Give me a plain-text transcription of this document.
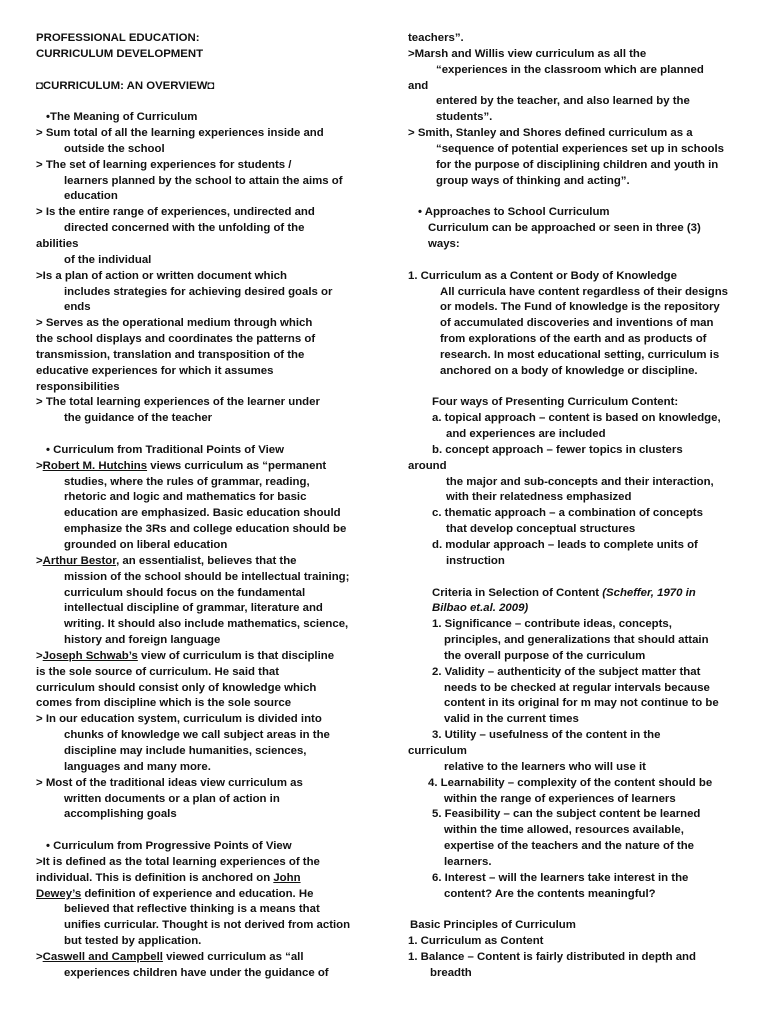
PROFESSIONAL EDUCATION:
CURRICULUM DEVELOPMENT
◘CURRICULUM: AN OVERVIEW◘
•The Meaning of Curriculum
> Sum total of all the learning experiences inside and
outside the school
> The set of learning experiences for students /
learners planned by the school to attain the aims of
education
> Is the entire range of experiences, undirected and
directed concerned with the unfolding of the
abilities
of the individual
>Is a plan of action or written document which
includes strategies for achieving desired goals or
ends
> Serves as the operational medium through which
the school displays and coordinates the patterns of
transmission, translation and transposition of the
educative experiences for which it assumes
responsibilities
> The total learning experiences of the learner under
the guidance of the teacher
• Curriculum from Traditional Points of View
>Robert M. Hutchins views curriculum as “permanent
studies, where the rules of grammar, reading,
rhetoric and logic and mathematics for basic
education are emphasized. Basic education should
emphasize the 3Rs and college education should be
grounded on liberal education
>Arthur Bestor, an essentialist, believes that the
mission of the school should be intellectual training;
curriculum should focus on the fundamental
intellectual discipline of grammar, literature and
writing. It should also include mathematics, science,
history and foreign language
>Joseph Schwab’s view of curriculum is that discipline
is the sole source of curriculum. He said that
curriculum should consist only of knowledge which
comes from discipline which is the sole source
> In our education system, curriculum is divided into
chunks of knowledge we call subject areas in the
discipline may include humanities, sciences,
languages and many more.
> Most of the traditional ideas view curriculum as
written documents or a plan of action in
accomplishing goals
• Curriculum from Progressive Points of View
>It is defined as the total learning experiences of the
individual. This is definition is anchored on John
Dewey’s definition of experience and education. He
believed that reflective thinking is a means that
unifies curricular. Thought is not derived from action
but tested by application.
>Caswell and Campbell viewed curriculum as “all
experiences children have under the guidance of
teachers”.
>Marsh and Willis view curriculum as all the
“experiences in the classroom which are planned
and
entered by the teacher, and also learned by the
students”.
> Smith, Stanley and Shores defined curriculum as a
“sequence of potential experiences set up in schools
for the purpose of disciplining children and youth in
group ways of thinking and acting”.
• Approaches to School Curriculum
Curriculum can be approached or seen in three (3)
ways:
1. Curriculum as a Content or Body of Knowledge
All curricula have content regardless of their designs
or models. The Fund of knowledge is the repository
of accumulated discoveries and inventions of man
from explorations of the earth and as products of
research. In most educational setting, curriculum is
anchored on a body of knowledge or discipline.
Four ways of Presenting Curriculum Content:
a. topical approach – content is based on knowledge,
and experiences are included
b. concept approach – fewer topics in clusters
around
the major and sub-concepts and their interaction,
with their relatedness emphasized
c. thematic approach – a combination of concepts
that develop conceptual structures
d. modular approach – leads to complete units of
instruction
Criteria in Selection of Content (Scheffer, 1970 in
Bilbao et.al. 2009)
1. Significance – contribute ideas, concepts,
principles, and generalizations that should attain
the overall purpose of the curriculum
2. Validity – authenticity of the subject matter that
needs to be checked at regular intervals because
content in its original for m may not continue to be
valid in the current times
3. Utility – usefulness of the content in the
curriculum
relative to the learners who will use it
4. Learnability – complexity of the content should be
within the range of experiences of learners
5. Feasibility – can the subject content be learned
within the time allowed, resources available,
expertise of the teachers and the nature of the
learners.
6. Interest – will the learners take interest in the
content? Are the contents meaningful?
Basic Principles of Curriculum
1. Curriculum as Content
1. Balance – Content is fairly distributed in depth and
breadth
